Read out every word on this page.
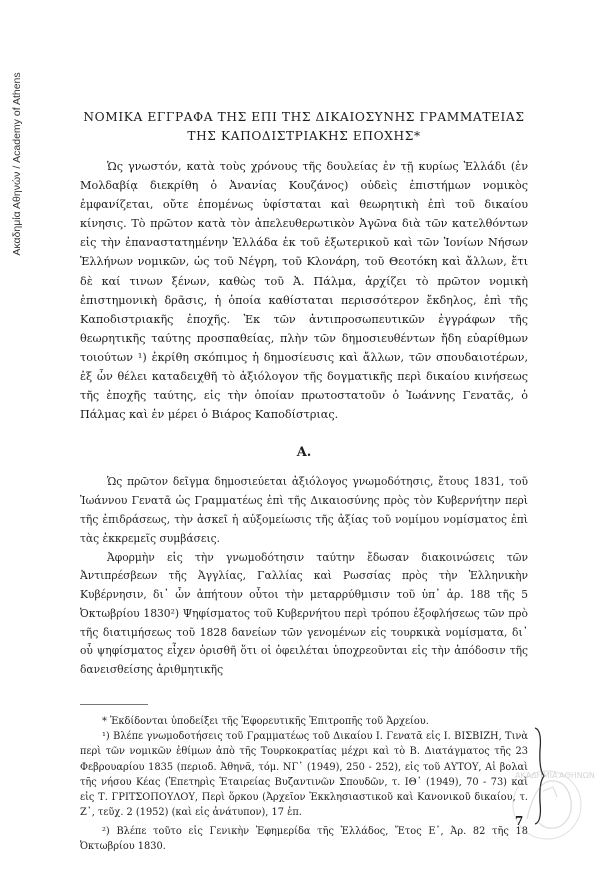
Ακαδημία Αθηνών / Academy of Athens	ΝΟΜΙΚΑ ΕΓΓΡΑΦΑ ΤΗΣ ΕΠΙ ΤΗΣ ΔΙΚΑΙΟΣΥΝΗΣ ΓΡΑΜΜΑΤΕΙΑΣ
ΤΗΣ ΚΑΠΟΔΙΣΤΡΙΑΚΗΣ ΕΠΟΧΗΣ*

Ὡς γνωστόν, κατὰ τοὺς χρόνους τῆς δουλείας ἐν τῇ κυρίως Ἑλλάδι (ἐν Μολδαβίᾳ διεκρίθη ὁ Ἀνανίας Κουζάνος) οὐδεὶς ἐπιστήμων νομικὸς ἐμφανίζεται, οὔτε ἑπομένως ὑφίσταται καὶ θεωρητικὴ ἐπὶ τοῦ δικαίου κίνησις. Τὸ πρῶτον κατὰ τὸν ἀπελευθερωτικὸν Ἀγῶνα διὰ τῶν κατελθόντων εἰς τὴν ἐπαναστατημένην Ἑλλάδα ἐκ τοῦ ἐξωτερικοῦ καὶ τῶν Ἰονίων Νήσων Ἑλλήνων νομικῶν, ὡς τοῦ Νέγρη, τοῦ Κλονάρη, τοῦ Θεοτόκη καὶ ἄλλων, ἔτι δὲ καί τινων ξένων, καθὼς τοῦ Ἀ. Πάλμα, ἀρχίζει τὸ πρῶτον νομικὴ ἐπιστημονικὴ δρᾶσις, ἡ ὁποία καθίσταται περισσότερον ἔκδηλος, ἐπὶ τῆς Καποδιστριακῆς ἐποχῆς. Ἐκ τῶν ἀντιπροσωπευτικῶν ἐγγράφων τῆς θεωρητικῆς ταύτης προσπαθείας, πλὴν τῶν δημοσιευθέντων ἤδη εὐαρίθμων τοιούτων ¹) ἐκρίθη σκόπιμος ἡ δημοσίευσις καὶ ἄλλων, τῶν σπουδαιοτέρων, ἐξ ὧν θέλει καταδειχθῆ τὸ ἀξιόλογον τῆς δογματικῆς περὶ δικαίου κινήσεως τῆς ἐποχῆς ταύτης, εἰς τὴν ὁποίαν πρωτοστατοῦν ὁ Ἰωάννης Γενατᾶς, ὁ Πάλμας καὶ ἐν μέρει ὁ Βιάρος Καποδίστριας.

Α.

Ὡς πρῶτον δεῖγμα δημοσιεύεται ἀξιόλογος γνωμοδότησις, ἔτους 1831, τοῦ Ἰωάννου Γενατᾶ ὡς Γραμματέως ἐπὶ τῆς Δικαιοσύνης πρὸς τὸν Κυβερνήτην περὶ τῆς ἐπιδράσεως, τὴν ἀσκεῖ ἡ αὐξομείωσις τῆς ἀξίας τοῦ νομίμου νομίσματος ἐπὶ τὰς ἐκκρεμεῖς συμβάσεις.

Ἀφορμὴν εἰς τὴν γνωμοδότησιν ταύτην ἔδωσαν διακοινώσεις τῶν Ἀντιπρέσβεων τῆς Ἀγγλίας, Γαλλίας καὶ Ρωσσίας πρὸς τὴν Ἑλληνικὴν Κυβέρνησιν, δι᾽ ὧν ἀπήτουν οὗτοι τὴν μεταρρύθμισιν τοῦ ὑπ᾽ ἀρ. 188 τῆς 5 Ὀκτωβρίου 1830²) Ψηφίσματος τοῦ Κυβερνήτου περὶ τρόπου ἐξοφλήσεως τῶν πρὸ τῆς διατιμήσεως τοῦ 1828 δανείων τῶν γενομένων εἰς τουρκικὰ νομίσματα, δι᾽ οὗ ψηφίσματος εἶχεν ὁρισθῆ ὅτι οἱ ὀφειλέται ὑποχρεοῦνται εἰς τὴν ἀπόδοσιν τῆς δανεισθείσης ἀριθμητικῆς

* Ἐκδίδονται ὑποδείξει τῆς Ἐφορευτικῆς Ἐπιτροπῆς τοῦ Ἀρχείου.

¹) Βλέπε γνωμοδοτήσεις τοῦ Γραμματέως τοῦ Δικαίου Ι. Γενατᾶ εἰς Ι. ΒΙΣΒΙΖΗ, Τινὰ περὶ τῶν νομικῶν ἐθίμων ἀπὸ τῆς Τουρκοκρατίας μέχρι καὶ τὸ Β. Διατάγματος τῆς 23 Φεβρουαρίου 1835 (περιοδ. Ἀθηνᾶ, τόμ. ΝΓ᾽ (1949), 250 - 252), εἰς τοῦ ΑΥΤΟΥ, Αἱ βολαὶ τῆς νήσου Κέας (Ἐπετηρὶς Ἑταιρείας Βυζαντινῶν Σπουδῶν, τ. ΙΘ᾽ (1949), 70 - 73) καὶ εἰς Τ. ΓΡΙΤΣΟΠΟΥΛΟΥ, Περὶ ὅρκου (Ἀρχεῖον Ἐκκλησιαστικοῦ καὶ Κανονικοῦ δικαίου, τ. Ζ᾽, τεῦχ. 2 (1952) (καὶ εἰς ἀνάτυπον), 17 ἑπ.

²) Βλέπε τοῦτο εἰς Γενικὴν Ἐφημερίδα τῆς Ἑλλάδος, Ἔτος Ε᾽, Ἀρ. 82 τῆς 18 Ὀκτωβρίου 1830.

ΑΚΑΔΗΜΙΑ ΑΘΗΝΩΝ
7
